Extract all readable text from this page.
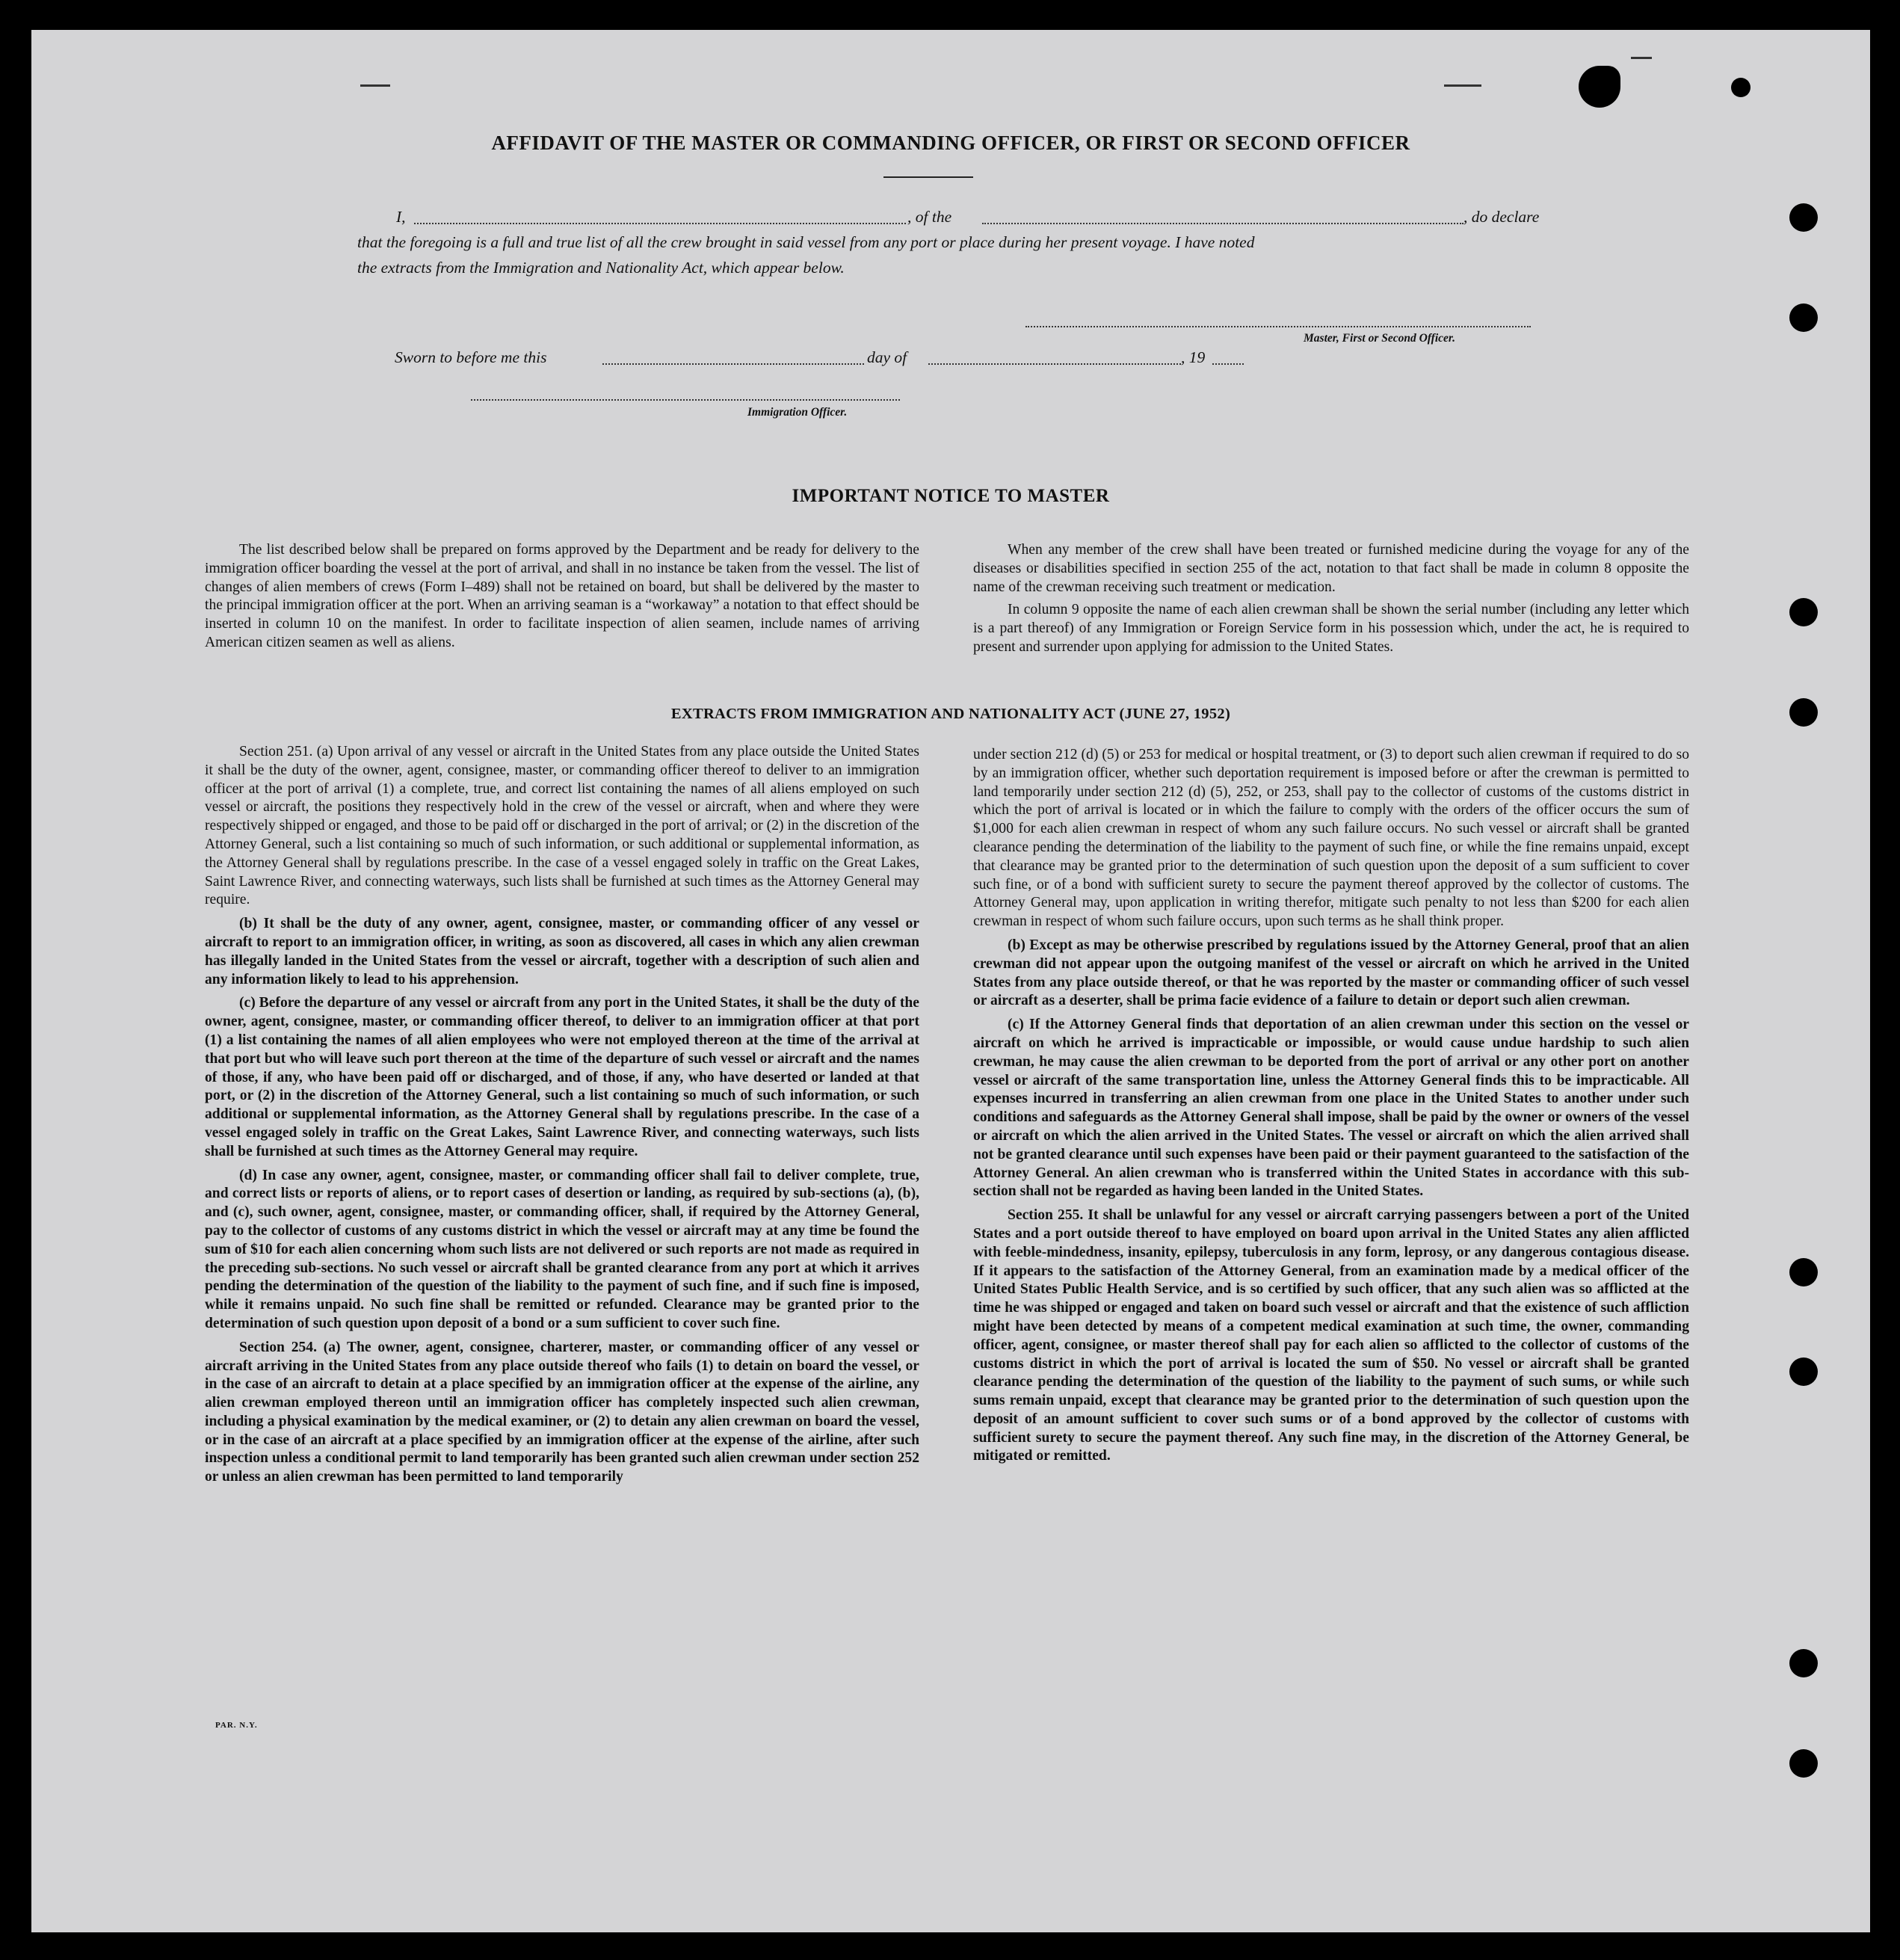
AFFIDAVIT OF THE MASTER OR COMMANDING OFFICER, OR FIRST OR SECOND OFFICER
I,	, of the	, do declare
that the foregoing is a full and true list of all the crew brought in said vessel from any port or place during her present voyage. I have noted
the extracts from the Immigration and Nationality Act, which appear below.
Master, First or Second Officer.
Sworn to before me this	day of	, 19
Immigration Officer.
IMPORTANT NOTICE TO MASTER

The list described below shall be prepared on forms approved by the Department and be ready for delivery to the immigration officer boarding the vessel at the port of arrival, and shall in no instance be taken from the vessel. The list of changes of alien members of crews (Form I–489) shall not be retained on board, but shall be delivered by the master to the principal immigration officer at the port. When an arriving seaman is a “workaway” a notation to that effect should be inserted in column 10 on the manifest. In order to facilitate inspection of alien seamen, include names of arriving American citizen seamen as well as aliens.

When any member of the crew shall have been treated or furnished medicine during the voyage for any of the diseases or disabilities specified in section 255 of the act, notation to that fact shall be made in column 8 opposite the name of the crewman receiving such treatment or medication.

In column 9 opposite the name of each alien crewman shall be shown the serial number (including any letter which is a part thereof) of any Immigration or Foreign Service form in his possession which, under the act, he is required to present and surrender upon applying for admission to the United States.

EXTRACTS FROM IMMIGRATION AND NATIONALITY ACT (JUNE 27, 1952)

Section 251. (a) Upon arrival of any vessel or aircraft in the United States from any place outside the United States it shall be the duty of the owner, agent, consignee, master, or commanding officer thereof to deliver to an immigration officer at the port of arrival (1) a complete, true, and correct list containing the names of all aliens employed on such vessel or aircraft, the positions they respectively hold in the crew of the vessel or aircraft, when and where they were respectively shipped or engaged, and those to be paid off or discharged in the port of arrival; or (2) in the discretion of the Attorney General, such a list containing so much of such information, or such additional or supplemental information, as the Attorney General shall by regulations prescribe. In the case of a vessel engaged solely in traffic on the Great Lakes, Saint Lawrence River, and connecting waterways, such lists shall be furnished at such times as the Attorney General may require.

(b) It shall be the duty of any owner, agent, consignee, master, or commanding officer of any vessel or aircraft to report to an immigration officer, in writing, as soon as discovered, all cases in which any alien crewman has illegally landed in the United States from the vessel or aircraft, together with a description of such alien and any information likely to lead to his apprehension.

(c) Before the departure of any vessel or aircraft from any port in the United States, it shall be the duty of the owner, agent, consignee, master, or commanding officer thereof, to deliver to an immigration officer at that port (1) a list containing the names of all alien employees who were not employed thereon at the time of the arrival at that port but who will leave such port thereon at the time of the departure of such vessel or aircraft and the names of those, if any, who have been paid off or discharged, and of those, if any, who have deserted or landed at that port, or (2) in the discretion of the Attorney General, such a list containing so much of such information, or such additional or supplemental information, as the Attorney General shall by regulations prescribe. In the case of a vessel engaged solely in traffic on the Great Lakes, Saint Lawrence River, and connecting waterways, such lists shall be furnished at such times as the Attorney General may require.

(d) In case any owner, agent, consignee, master, or commanding officer shall fail to deliver complete, true, and correct lists or reports of aliens, or to report cases of desertion or landing, as required by sub-sections (a), (b), and (c), such owner, agent, consignee, master, or commanding officer, shall, if required by the Attorney General, pay to the collector of customs of any customs district in which the vessel or aircraft may at any time be found the sum of $10 for each alien concerning whom such lists are not delivered or such reports are not made as required in the preceding sub-sections. No such vessel or aircraft shall be granted clearance from any port at which it arrives pending the determination of the question of the liability to the payment of such fine, and if such fine is imposed, while it remains unpaid. No such fine shall be remitted or refunded. Clearance may be granted prior to the determination of such question upon deposit of a bond or a sum sufficient to cover such fine.

Section 254. (a) The owner, agent, consignee, charterer, master, or commanding officer of any vessel or aircraft arriving in the United States from any place outside thereof who fails (1) to detain on board the vessel, or in the case of an aircraft to detain at a place specified by an immigration officer at the expense of the airline, any alien crewman employed thereon until an immigration officer has completely inspected such alien crewman, including a physical examination by the medical examiner, or (2) to detain any alien crewman on board the vessel, or in the case of an aircraft at a place specified by an immigration officer at the expense of the airline, after such inspection unless a conditional permit to land temporarily has been granted such alien crewman under section 252 or unless an alien crewman has been permitted to land temporarily

under section 212 (d) (5) or 253 for medical or hospital treatment, or (3) to deport such alien crewman if required to do so by an immigration officer, whether such deportation requirement is imposed before or after the crewman is permitted to land temporarily under section 212 (d) (5), 252, or 253, shall pay to the collector of customs of the customs district in which the port of arrival is located or in which the failure to comply with the orders of the officer occurs the sum of $1,000 for each alien crewman in respect of whom any such failure occurs. No such vessel or aircraft shall be granted clearance pending the determination of the liability to the payment of such fine, or while the fine remains unpaid, except that clearance may be granted prior to the determination of such question upon the deposit of a sum sufficient to cover such fine, or of a bond with sufficient surety to secure the payment thereof approved by the collector of customs. The Attorney General may, upon application in writing therefor, mitigate such penalty to not less than $200 for each alien crewman in respect of whom such failure occurs, upon such terms as he shall think proper.

(b) Except as may be otherwise prescribed by regulations issued by the Attorney General, proof that an alien crewman did not appear upon the outgoing manifest of the vessel or aircraft on which he arrived in the United States from any place outside thereof, or that he was reported by the master or commanding officer of such vessel or aircraft as a deserter, shall be prima facie evidence of a failure to detain or deport such alien crewman.

(c) If the Attorney General finds that deportation of an alien crewman under this section on the vessel or aircraft on which he arrived is impracticable or impossible, or would cause undue hardship to such alien crewman, he may cause the alien crewman to be deported from the port of arrival or any other port on another vessel or aircraft of the same transportation line, unless the Attorney General finds this to be impracticable. All expenses incurred in transferring an alien crewman from one place in the United States to another under such conditions and safeguards as the Attorney General shall impose, shall be paid by the owner or owners of the vessel or aircraft on which the alien arrived in the United States. The vessel or aircraft on which the alien arrived shall not be granted clearance until such expenses have been paid or their payment guaranteed to the satisfaction of the Attorney General. An alien crewman who is transferred within the United States in accordance with this sub-section shall not be regarded as having been landed in the United States.

Section 255. It shall be unlawful for any vessel or aircraft carrying passengers between a port of the United States and a port outside thereof to have employed on board upon arrival in the United States any alien afflicted with feeble-mindedness, insanity, epilepsy, tuberculosis in any form, leprosy, or any dangerous contagious disease. If it appears to the satisfaction of the Attorney General, from an examination made by a medical officer of the United States Public Health Service, and is so certified by such officer, that any such alien was so afflicted at the time he was shipped or engaged and taken on board such vessel or aircraft and that the existence of such affliction might have been detected by means of a competent medical examination at such time, the owner, commanding officer, agent, consignee, or master thereof shall pay for each alien so afflicted to the collector of customs of the customs district in which the port of arrival is located the sum of $50. No vessel or aircraft shall be granted clearance pending the determination of the question of the liability to the payment of such sums, or while such sums remain unpaid, except that clearance may be granted prior to the determination of such question upon the deposit of an amount sufficient to cover such sums or of a bond approved by the collector of customs with sufficient surety to secure the payment thereof. Any such fine may, in the discretion of the Attorney General, be mitigated or remitted.

PAR. N.Y.
